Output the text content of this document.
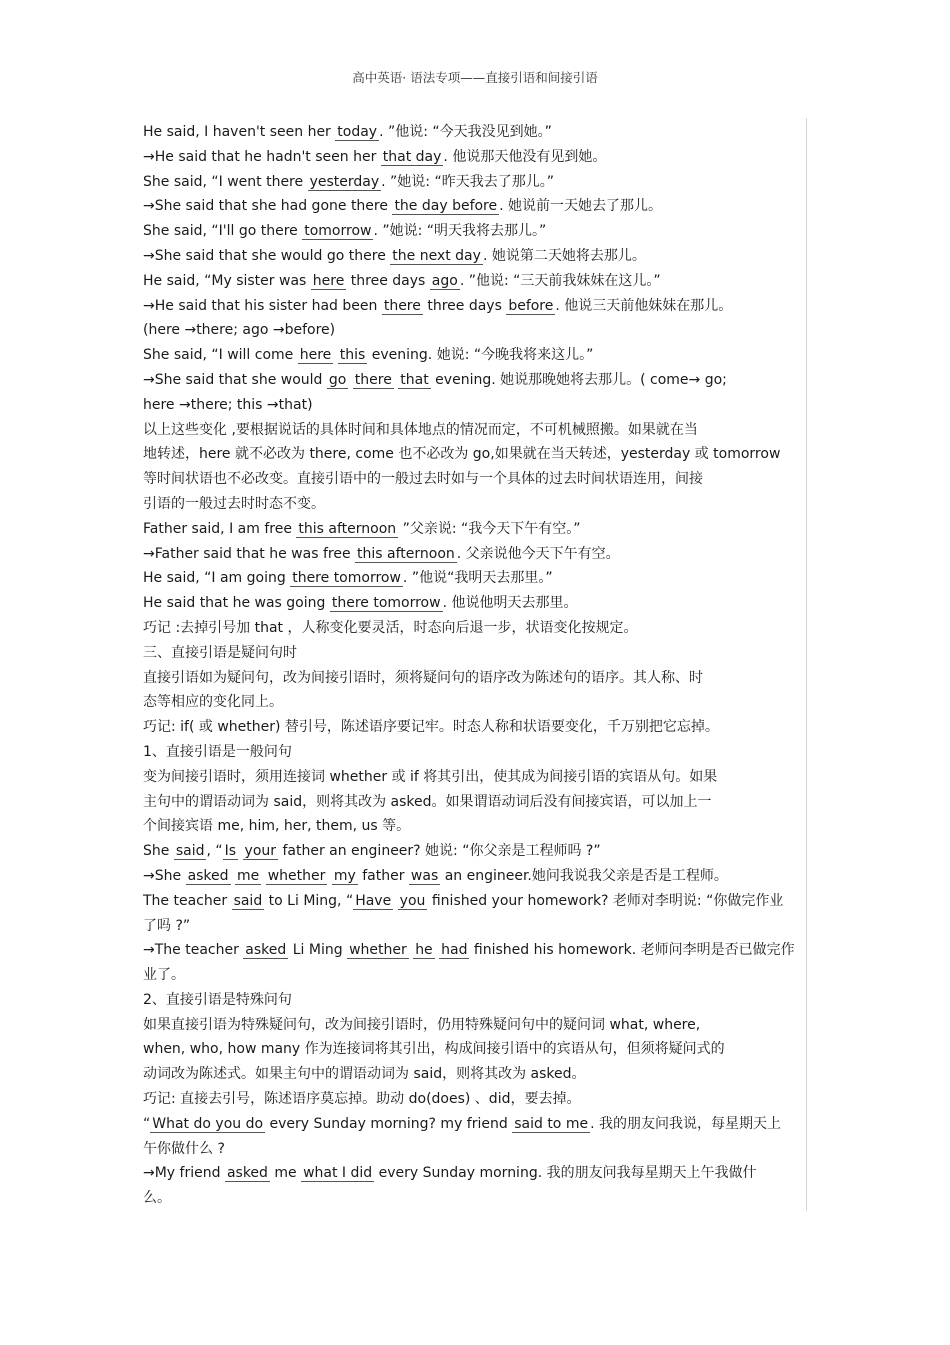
高中英语· 语法专项——直接引语和间接引语

He said, I haven't seen her today . ”他说: “今天我没见到她。”

→He said that he hadn't seen her that day . 他说那天他没有见到她。

She said, “I went there yesterday . ”她说: “昨天我去了那儿。”

→She said that she had gone there the day before . 她说前一天她去了那儿。

She said, “I'll go there tomorrow . ”她说: “明天我将去那儿。”

→She said that she would go there the next day . 她说第二天她将去那儿。

He said, “My sister was here three days ago . ”他说: “三天前我妹妹在这儿。”

→He said that his sister had been there three days before . 他说三天前他妹妹在那儿。

(here →there; ago →before)

She said, “I will come here this evening. 她说: “今晚我将来这儿。”

→She said that she would go there that evening. 她说那晚她将去那儿。( come→ go;

here →there; this →that)

以上这些变化 ,要根据说话的具体时间和具体地点的情况而定，不可机械照搬。如果就在当

地转述，here 就不必改为 there, come 也不必改为 go,如果就在当天转述，yesterday 或 tomorrow

等时间状语也不必改变。直接引语中的一般过去时如与一个具体的过去时间状语连用，间接

引语的一般过去时时态不变。

Father said, I am free this afternoon ”父亲说: “我今天下午有空。”

→Father said that he was free this afternoon . 父亲说他今天下午有空。

He said, “I am going there tomorrow . ”他说“我明天去那里。”

He said that he was going there tomorrow . 他说他明天去那里。

巧记 :去掉引号加 that ，人称变化要灵活，时态向后退一步，状语变化按规定。

三、直接引语是疑问句时

直接引语如为疑问句，改为间接引语时，须将疑问句的语序改为陈述句的语序。其人称、时

态等相应的变化同上。

巧记: if( 或 whether) 替引号，陈述语序要记牢。时态人称和状语要变化，千万别把它忘掉。

1、直接引语是一般问句

变为间接引语时，须用连接词 whether 或 if 将其引出，使其成为间接引语的宾语从句。如果

主句中的谓语动词为 said，则将其改为 asked。如果谓语动词后没有间接宾语，可以加上一

个间接宾语 me, him, her, them, us 等。

She said , “ Is your father an engineer? 她说: “你父亲是工程师吗 ?”

→She asked me whether my father was an engineer.她问我说我父亲是否是工程师。

The teacher said to Li Ming, “ Have you finished your homework? 老师对李明说: “你做完作业

了吗 ?”

→The teacher asked Li Ming whether he had finished his homework. 老师问李明是否已做完作

业了。

2、直接引语是特殊问句

如果直接引语为特殊疑问句，改为间接引语时，仍用特殊疑问句中的疑问词 what, where,

when, who, how many 作为连接词将其引出，构成间接引语中的宾语从句，但须将疑问式的

动词改为陈述式。如果主句中的谓语动词为 said，则将其改为 asked。

巧记: 直接去引号，陈述语序莫忘掉。助动 do(does) 、did，要去掉。

“ What do you do every Sunday morning? my friend said to me . 我的朋友问我说，每星期天上

午你做什么 ?

→My friend asked me what I did every Sunday morning. 我的朋友问我每星期天上午我做什

么。
